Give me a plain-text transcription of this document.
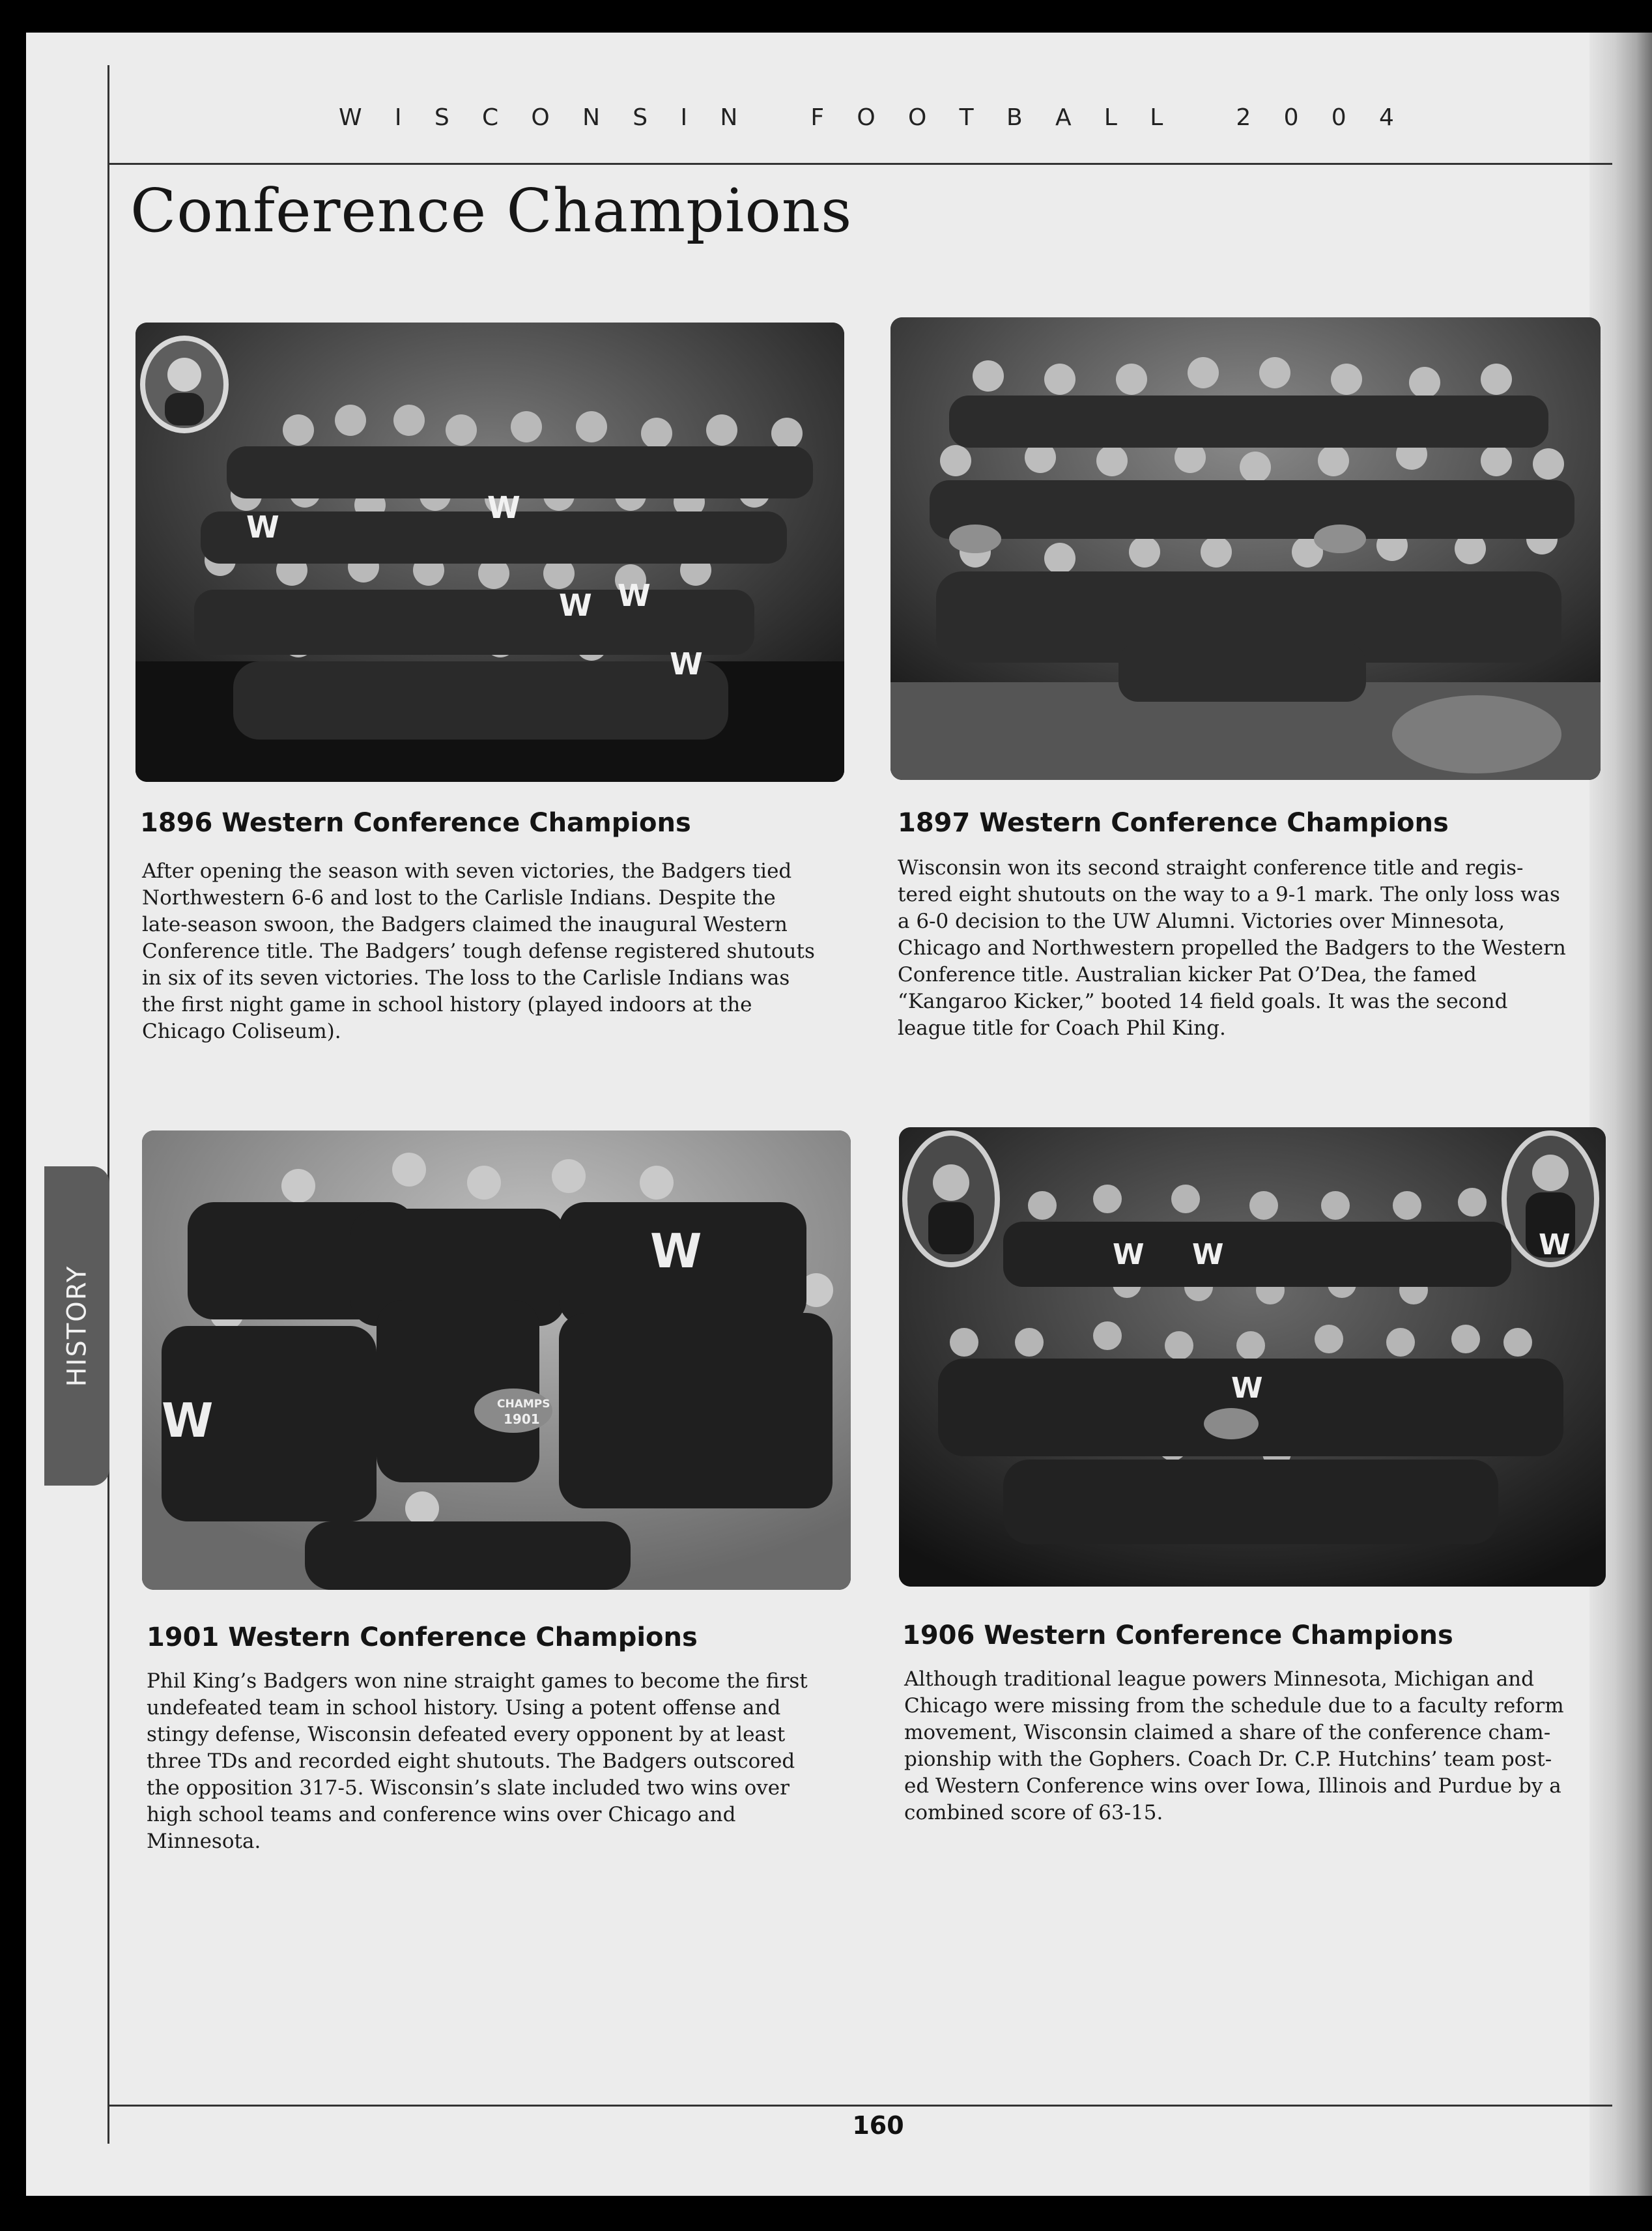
W I S C O N S I N
	F O O T B A L L
	2 0 0 4
Conference Champions
W
W
W
W
W
CHAMPS
1901
W
W	W W
W
W
1896 Western Conference Champions	1897 Western Conference Champions
1901 Western Conference Champions	1906 Western Conference Champions
After opening the season with seven victories, the Badgers tied
Northwestern 6-6 and lost to the Carlisle Indians. Despite the
late-season swoon, the Badgers claimed the inaugural Western
Conference title. The Badgers’ tough defense registered shutouts
in six of its seven victories. The loss to the Carlisle Indians was
the first night game in school history (played indoors at the
Chicago Coliseum).
Wisconsin won its second straight conference title and regis-
tered eight shutouts on the way to a 9-1 mark. The only loss was
a 6-0 decision to the UW Alumni. Victories over Minnesota,
Chicago and Northwestern propelled the Badgers to the Western
Conference title. Australian kicker Pat O’Dea, the famed
“Kangaroo Kicker,” booted 14 field goals. It was the second
league title for Coach Phil King.
Phil King’s Badgers won nine straight games to become the first
undefeated team in school history. Using a potent offense and
stingy defense, Wisconsin defeated every opponent by at least
three TDs and recorded eight shutouts. The Badgers outscored
the opposition 317-5. Wisconsin’s slate included two wins over
high school teams and conference wins over Chicago and
Minnesota.
Although traditional league powers Minnesota, Michigan and
Chicago were missing from the schedule due to a faculty reform
movement, Wisconsin claimed a share of the conference cham-
pionship with the Gophers. Coach Dr. C.P. Hutchins’ team post-
ed Western Conference wins over Iowa, Illinois and Purdue by a
combined score of 63-15.
HISTORY
160
